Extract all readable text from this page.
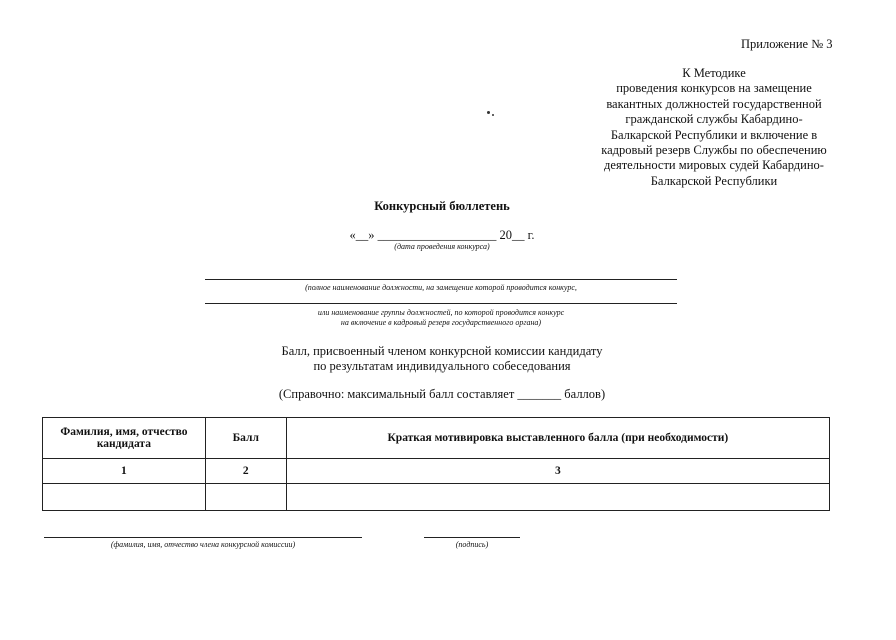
Приложение № 3
К Методике
проведения конкурсов на замещение
вакантных должностей государственной
гражданской службы Кабардино-
Балкарской Республики и включение в
кадровый резерв Службы по обеспечению
деятельности мировых судей Кабардино-
Балкарской Республики
Конкурсный бюллетень
«__» ___________________ 20__ г.
(дата проведения конкурса)
(полное наименование должности, на замещение которой проводится конкурс,
или наименование группы должностей, по которой проводится конкурс
на включение в кадровый резерв государственного органа)
Балл, присвоенный членом конкурсной комиссии кандидату
по результатам индивидуального собеседования
(Справочно: максимальный балл составляет _______ баллов)
Фамилия, имя, отчество кандидата	Балл	Краткая мотивировка выставленного балла (при необходимости)
1	2	3

(фамилия, имя, отчество члена конкурсной комиссии)	(подпись)
